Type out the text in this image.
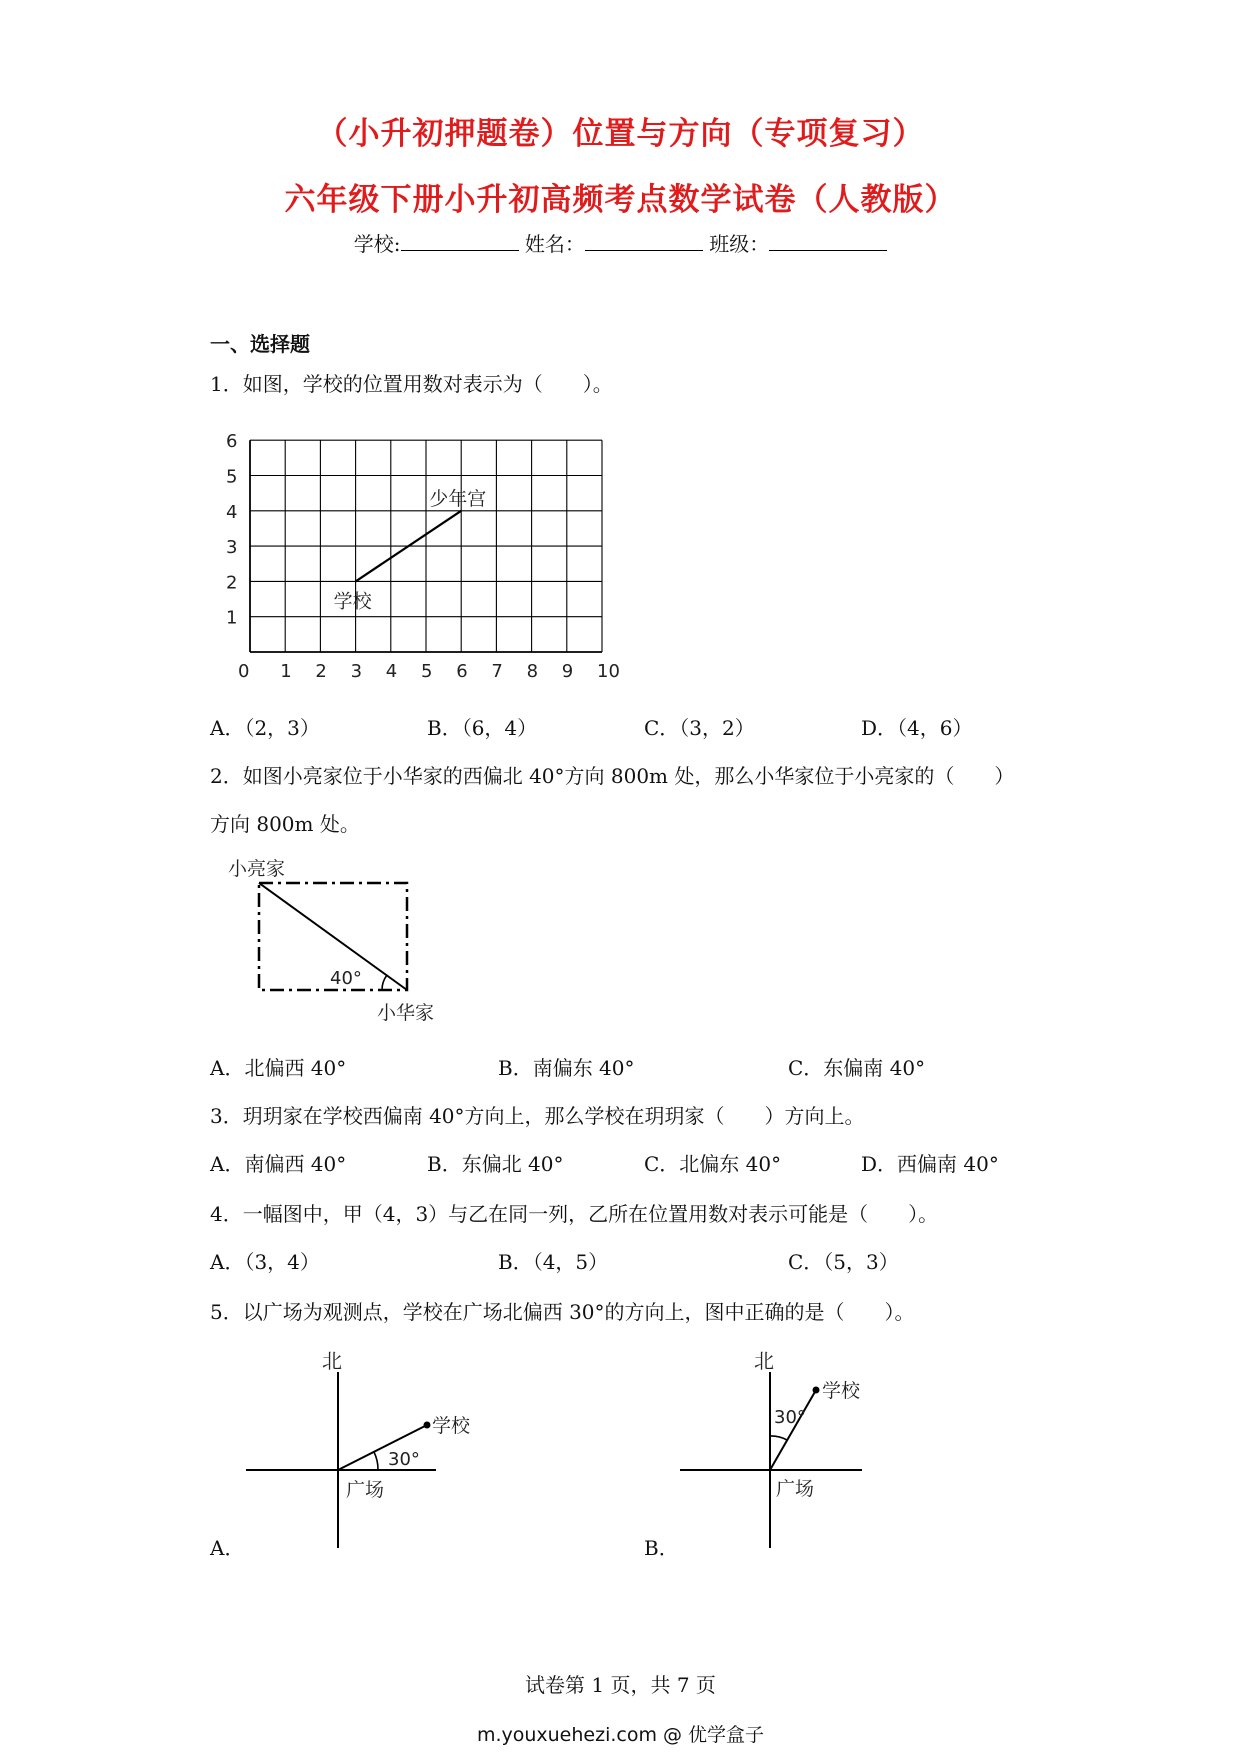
（小升初押题卷）位置与方向（专项复习）
六年级下册小升初高频考点数学试卷（人教版）
学校:	姓名：	班级：
一、选择题
1．如图，学校的位置用数对表示为（　　）。
0 1 2 3 4 5 6 7 8 9 10
1
2
3
4
5
6
少年宫
学校
A．（2，3）	B．（6，4）	C．（3，2）	D．（4，6）
2．如图小亮家位于小华家的西偏北 40°方向 800m 处，那么小华家位于小亮家的（　　）
方向 800m 处。
小亮家
小华家
40°
A．北偏西 40°	B．南偏东 40°	C．东偏南 40°
3．玥玥家在学校西偏南 40°方向上，那么学校在玥玥家（　　）方向上。
A．南偏西 40°	B．东偏北 40°	C．北偏东 40°	D．西偏南 40°
4．一幅图中，甲（4，3）与乙在同一列，乙所在位置用数对表示可能是（　　）。
A．（3，4）	B．（4，5）	C．（5，3）
5．以广场为观测点，学校在广场北偏西 30°的方向上，图中正确的是（　　）。
北
学校
30°
广场
A．
北
学校
30°
广场
B．
试卷第 1 页，共 7 页
m.youxuehezi.com @ 优学盒子
